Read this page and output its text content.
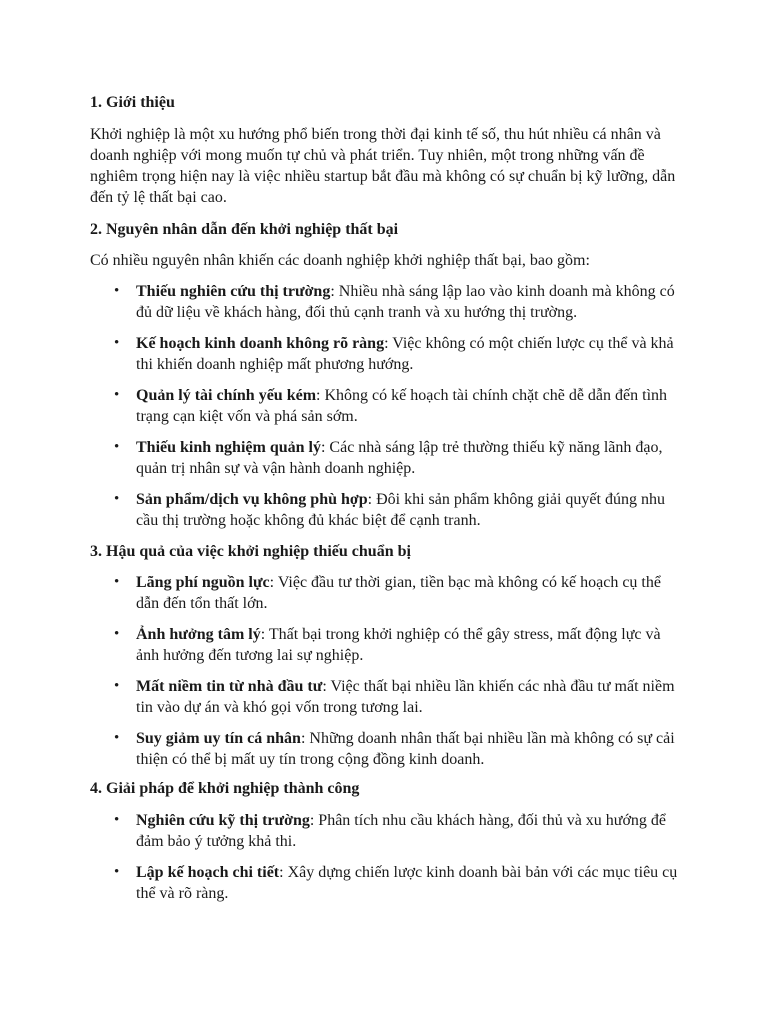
1. Giới thiệu

Khởi nghiệp là một xu hướng phổ biến trong thời đại kinh tế số, thu hút nhiều cá nhân và doanh nghiệp với mong muốn tự chủ và phát triển. Tuy nhiên, một trong những vấn đề nghiêm trọng hiện nay là việc nhiều startup bắt đầu mà không có sự chuẩn bị kỹ lưỡng, dẫn đến tỷ lệ thất bại cao.

2. Nguyên nhân dẫn đến khởi nghiệp thất bại

Có nhiều nguyên nhân khiến các doanh nghiệp khởi nghiệp thất bại, bao gồm:

• Thiếu nghiên cứu thị trường: Nhiều nhà sáng lập lao vào kinh doanh mà không có đủ dữ liệu về khách hàng, đối thủ cạnh tranh và xu hướng thị trường.
• Kế hoạch kinh doanh không rõ ràng: Việc không có một chiến lược cụ thể và khả thi khiến doanh nghiệp mất phương hướng.
• Quản lý tài chính yếu kém: Không có kế hoạch tài chính chặt chẽ dễ dẫn đến tình trạng cạn kiệt vốn và phá sản sớm.
• Thiếu kinh nghiệm quản lý: Các nhà sáng lập trẻ thường thiếu kỹ năng lãnh đạo, quản trị nhân sự và vận hành doanh nghiệp.
• Sản phẩm/dịch vụ không phù hợp: Đôi khi sản phẩm không giải quyết đúng nhu cầu thị trường hoặc không đủ khác biệt để cạnh tranh.
3. Hậu quả của việc khởi nghiệp thiếu chuẩn bị
• Lãng phí nguồn lực: Việc đầu tư thời gian, tiền bạc mà không có kế hoạch cụ thể dẫn đến tổn thất lớn.
• Ảnh hưởng tâm lý: Thất bại trong khởi nghiệp có thể gây stress, mất động lực và ảnh hưởng đến tương lai sự nghiệp.
• Mất niềm tin từ nhà đầu tư: Việc thất bại nhiều lần khiến các nhà đầu tư mất niềm tin vào dự án và khó gọi vốn trong tương lai.
• Suy giảm uy tín cá nhân: Những doanh nhân thất bại nhiều lần mà không có sự cải thiện có thể bị mất uy tín trong cộng đồng kinh doanh.
4. Giải pháp để khởi nghiệp thành công
• Nghiên cứu kỹ thị trường: Phân tích nhu cầu khách hàng, đối thủ và xu hướng để đảm bảo ý tưởng khả thi.
• Lập kế hoạch chi tiết: Xây dựng chiến lược kinh doanh bài bản với các mục tiêu cụ thể và rõ ràng.
